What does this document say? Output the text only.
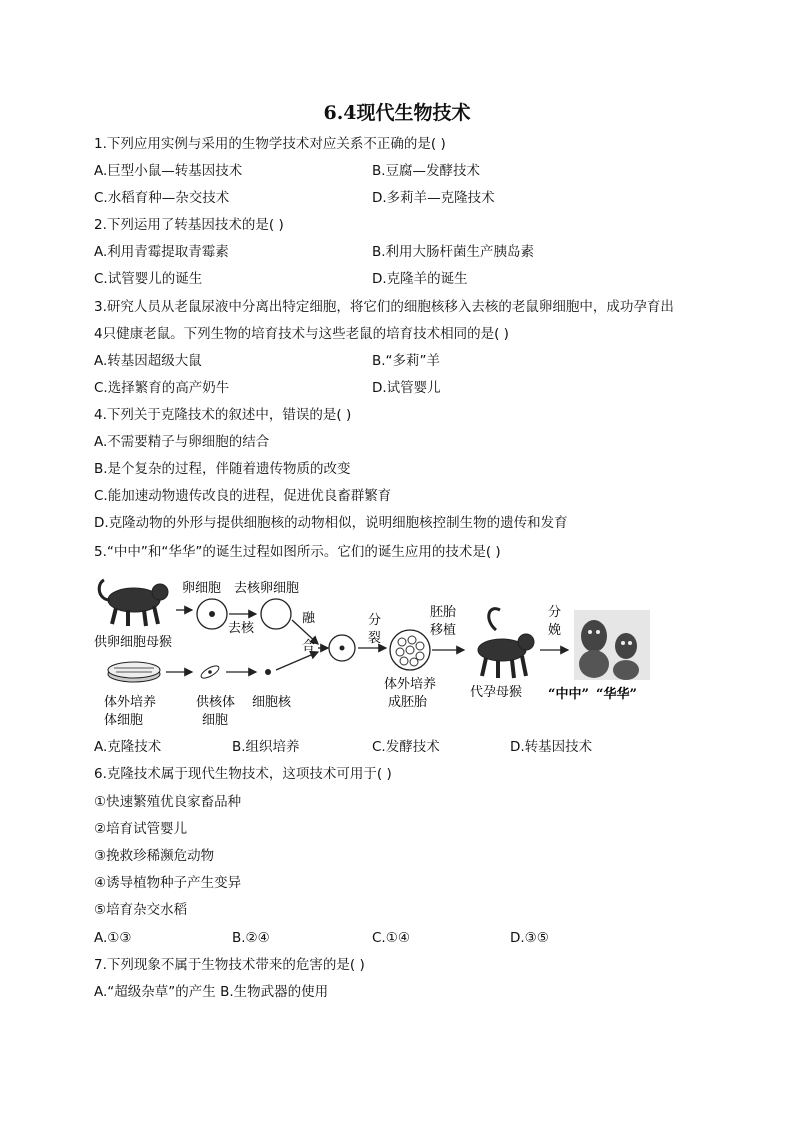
6.4现代生物技术
1.下列应用实例与采用的生物学技术对应关系不正确的是( )
A.巨型小鼠—转基因技术	B.豆腐—发酵技术
C.水稻育种—杂交技术	D.多莉羊—克隆技术
2.下列运用了转基因技术的是( )
A.利用青霉提取青霉素	B.利用大肠杆菌生产胰岛素
C.试管婴儿的诞生	D.克隆羊的诞生
3.研究人员从老鼠尿液中分离出特定细胞，将它们的细胞核移入去核的老鼠卵细胞中，成功孕育出
4只健康老鼠。下列生物的培育技术与这些老鼠的培育技术相同的是( )
A.转基因超级大鼠	B.“多莉”羊
C.选择繁育的高产奶牛	D.试管婴儿
4.下列关于克隆技术的叙述中，错误的是( )
A.不需要精子与卵细胞的结合
B.是个复杂的过程，伴随着遗传物质的改变
C.能加速动物遗传改良的进程，促进优良畜群繁育
D.克隆动物的外形与提供细胞核的动物相似，说明细胞核控制生物的遗传和发育
5.“中中”和“华华”的诞生过程如图所示。它们的诞生应用的技术是( )
供卵细胞母猴
卵细胞
去核
去核卵细胞
体外培养
体细胞
供核体
细胞
细胞核
融
合
分
裂
体外培养
成胚胎
胚胎
移植
代孕母猴
分
娩
“中中” “华华”
A.克隆技术	B.组织培养	C.发酵技术	D.转基因技术
6.克隆技术属于现代生物技术，这项技术可用于( )
①快速繁殖优良家畜品种
②培育试管婴儿
③挽救珍稀濒危动物
④诱导植物种子产生变异
⑤培育杂交水稻
A.①③	B.②④	C.①④	D.③⑤
7.下列现象不属于生物技术带来的危害的是( )
A.“超级杂草”的产生 B.生物武器的使用
